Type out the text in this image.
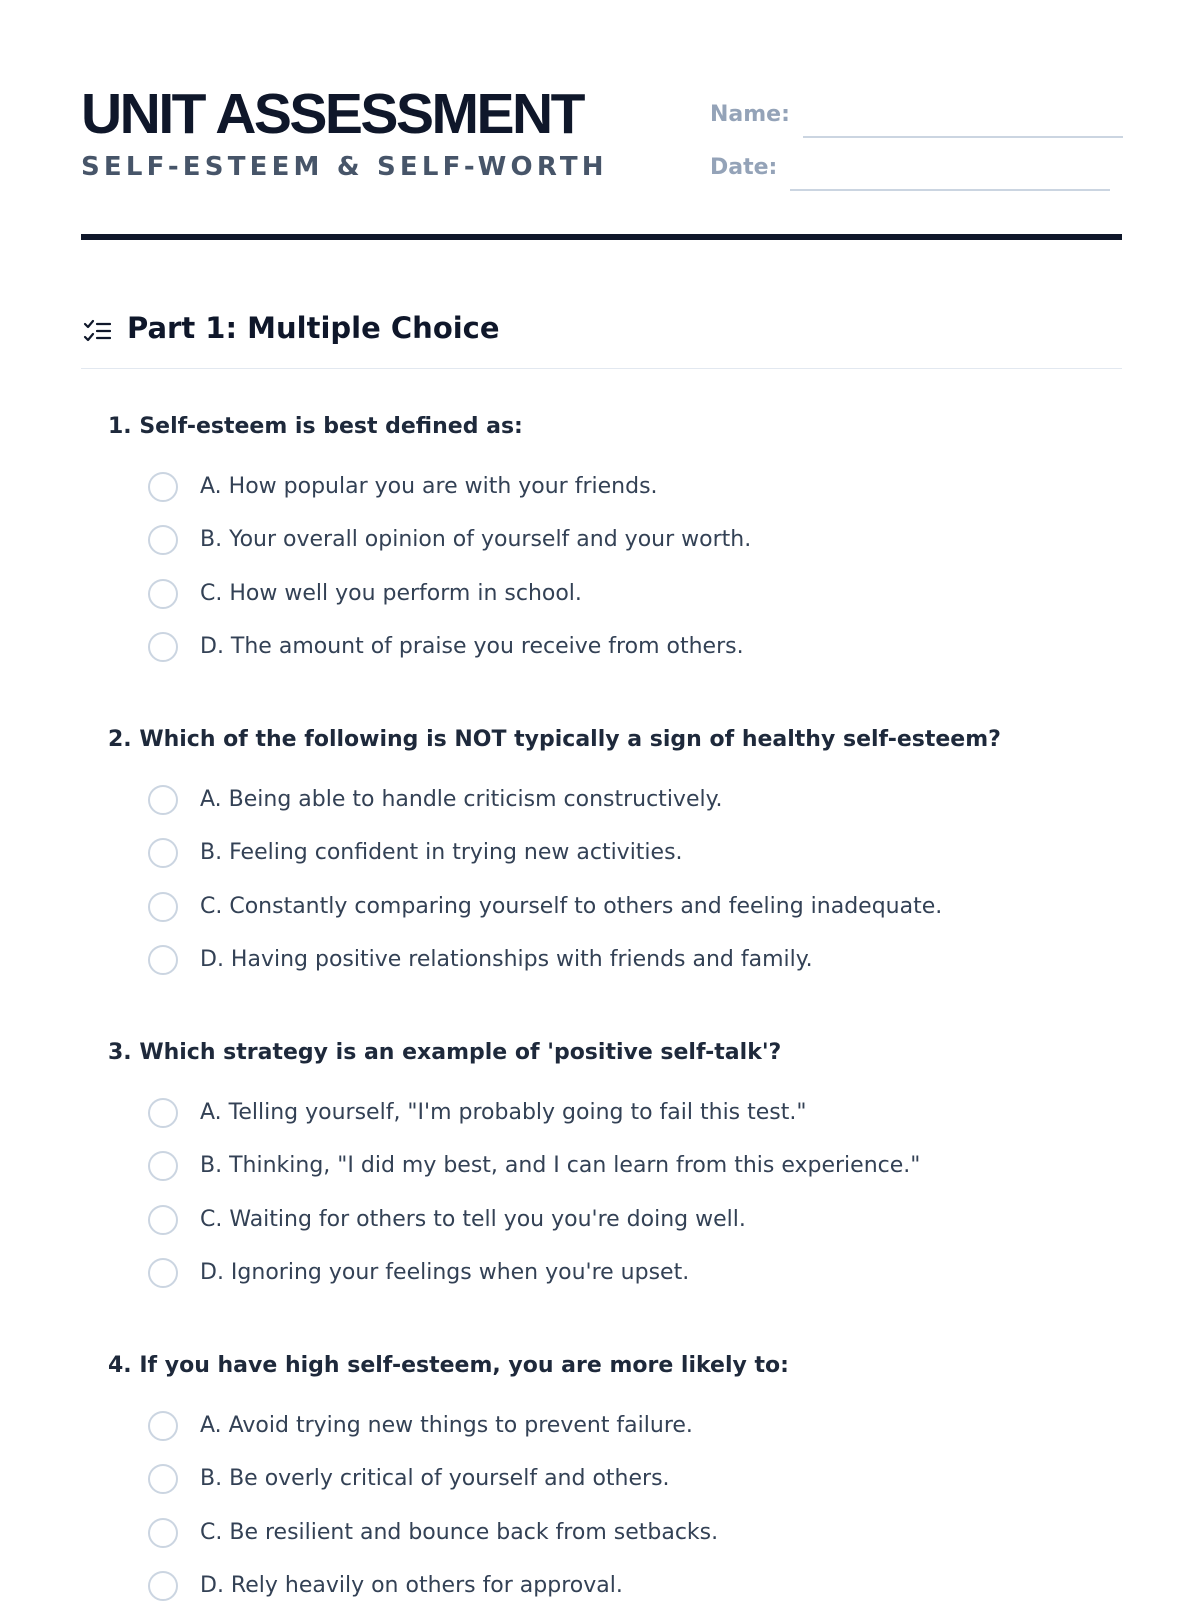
UNIT ASSESSMENT
SELF-ESTEEM & SELF-WORTH
Name:
Date:
Part 1: Multiple Choice

1. Self-esteem is best defined as:

A. How popular you are with your friends.
B. Your overall opinion of yourself and your worth.
C. How well you perform in school.
D. The amount of praise you receive from others.

2. Which of the following is NOT typically a sign of healthy self-esteem?

A. Being able to handle criticism constructively.
B. Feeling confident in trying new activities.
C. Constantly comparing yourself to others and feeling inadequate.
D. Having positive relationships with friends and family.

3. Which strategy is an example of 'positive self-talk'?

A. Telling yourself, "I'm probably going to fail this test."
B. Thinking, "I did my best, and I can learn from this experience."
C. Waiting for others to tell you you're doing well.
D. Ignoring your feelings when you're upset.

4. If you have high self-esteem, you are more likely to:

A. Avoid trying new things to prevent failure.
B. Be overly critical of yourself and others.
C. Be resilient and bounce back from setbacks.
D. Rely heavily on others for approval.
